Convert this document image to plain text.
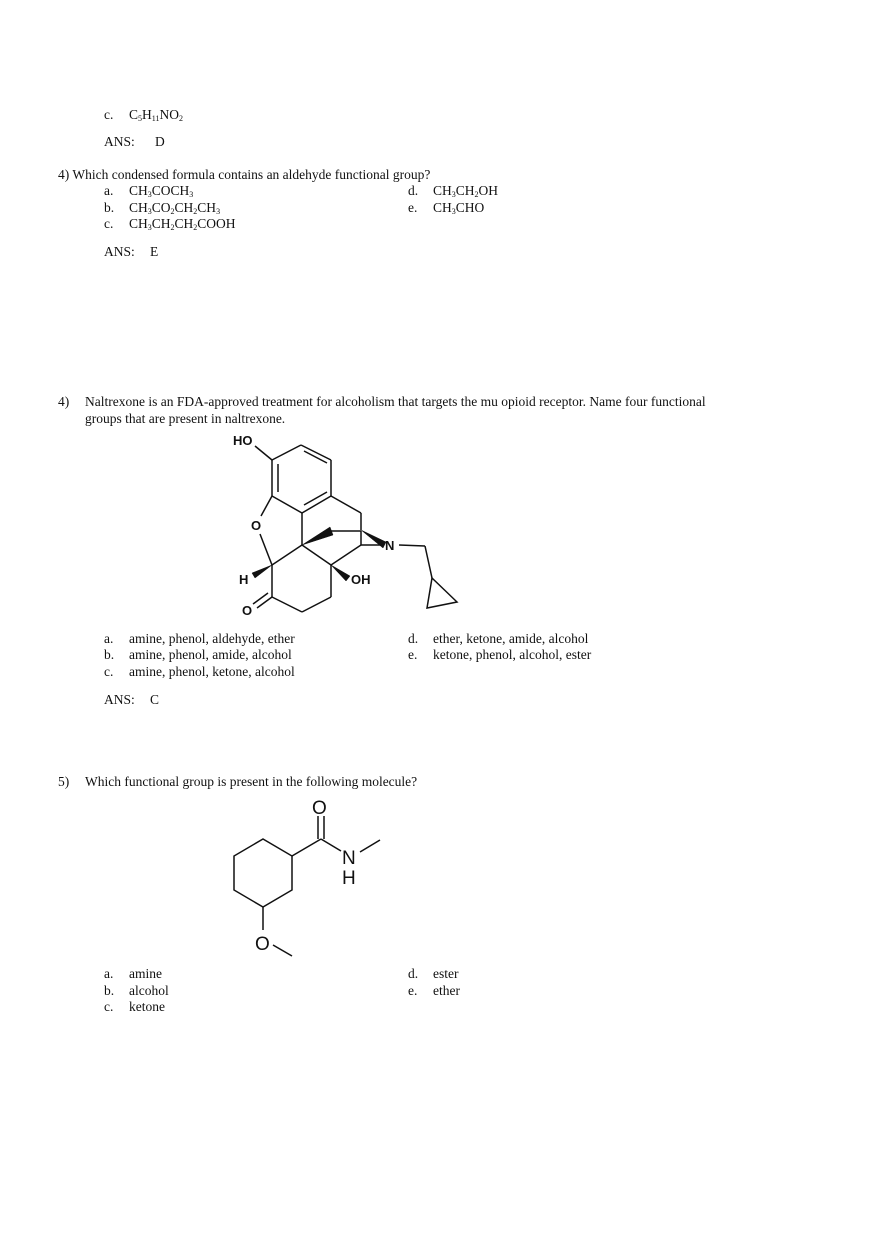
c. $C_5H_{11}NO_2$
ANS: D
4) Which condensed formula contains an aldehyde functional group?
a. $CH_3COCH_3$
b. $CH_3CO_2CH_2CH_3$
c. $CH_3CH_2CH_2COOH$
d. $CH_3CH_2OH$
e. $CH_3CHO$
ANS: E
4) Naltrexone is an FDA-approved treatment for alcoholism that targets the mu opioid receptor. Name four functional
groups that are present in naltrexone.
HO
O
N
OH
H
O
a. amine, phenol, aldehyde, ether
b. amine, phenol, amide, alcohol
c. amine, phenol, ketone, alcohol
d. ether, ketone, amide, alcohol
e. ketone, phenol, alcohol, ester
ANS: C
5) Which functional group is present in the following molecule?
O
N
H
O
a. amine
b. alcohol
c. ketone
d. ester
e. ether
